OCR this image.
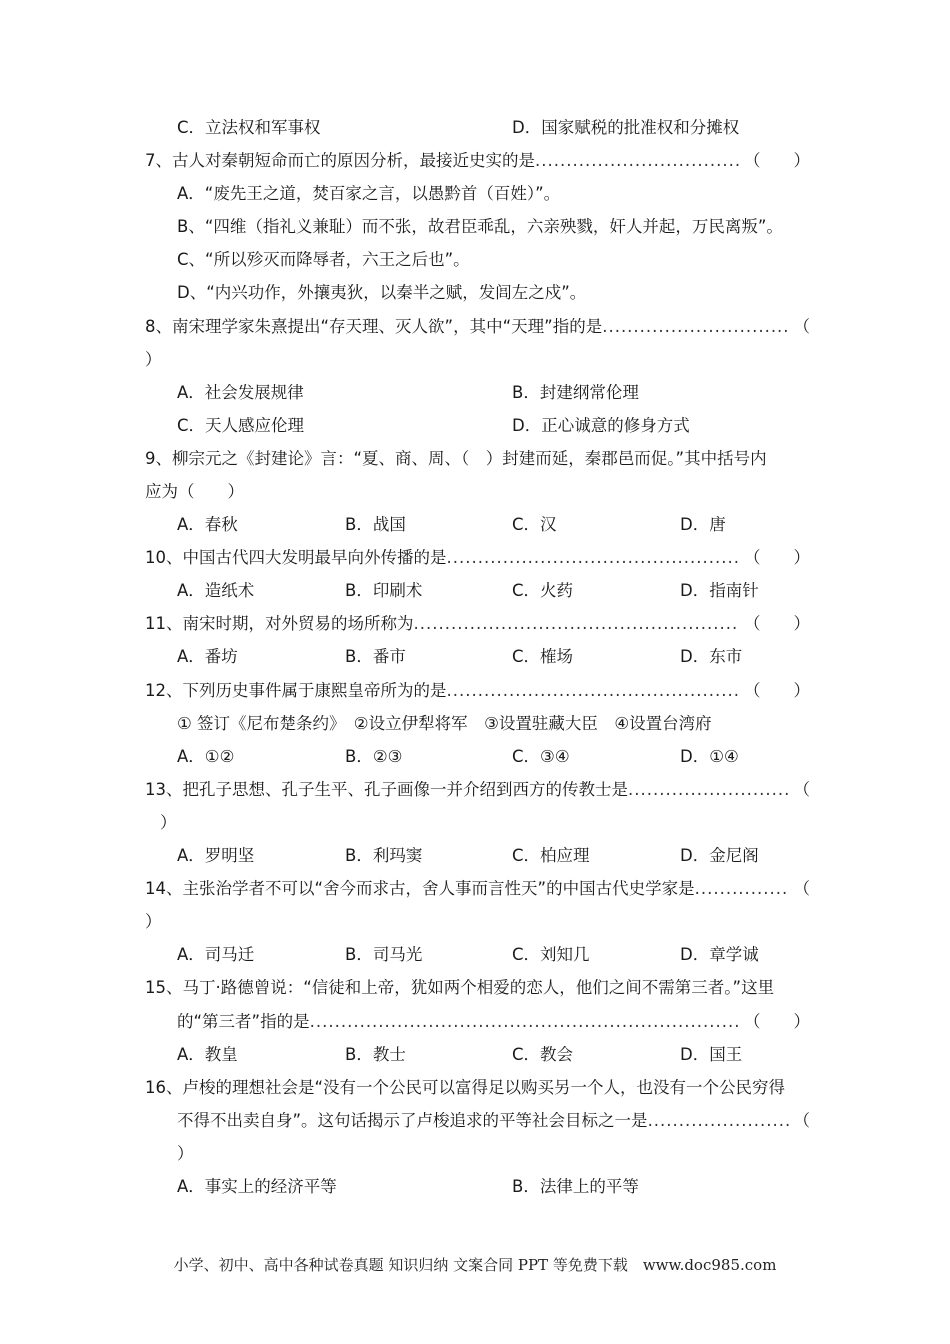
C．立法权和军事权	D．国家赋税的批准权和分摊权
7、古人对秦朝短命而亡的原因分析，最接近史实的是 .....	（　　）
A．“废先王之道，焚百家之言，以愚黔首（百姓）”。
B、“四维（指礼义兼耻）而不张，故君臣乖乱，六亲殃戮，奸人并起，万民离叛”。
C、“所以殄灭而降辱者，六王之后也”。
D、“内兴功作，外攘夷狄，以秦半之赋，发闾左之戍”。
8、南宋理学家朱熹提出“存天理、灭人欲”，其中“天理”指的是 .....	（
）
A．社会发展规律	B．封建纲常伦理
C．天人感应伦理	D．正心诚意的修身方式
9、柳宗元之《封建论》言：“夏、商、周、（　）封建而延，秦郡邑而促。”其中括号内
应为（　　）
A．春秋	B．战国	C．汉	D．唐
10、中国古代四大发明最早向外传播的是 .....	（　　）
A．造纸术	B．印刷术	C．火药	D．指南针
11、南宋时期，对外贸易的场所称为 .....	（　　）
A．番坊	B．番市	C．榷场	D．东市
12、下列历史事件属于康熙皇帝所为的是 .....	（　　）
① 签订《尼布楚条约》　②设立伊犁将军　③设置驻藏大臣　④设置台湾府
A．①②	B．②③	C．③④	D．①④
13、把孔子思想、孔子生平、孔子画像一并介绍到西方的传教士是 .....	（
）
A．罗明坚	B．利玛窦	C．柏应理	D．金尼阁
14、主张治学者不可以“舍今而求古，舍人事而言性天”的中国古代史学家是 .....	（
）
A．司马迁	B．司马光	C．刘知几	D．章学诚
15、马丁·路德曾说：“信徒和上帝，犹如两个相爱的恋人，他们之间不需第三者。”这里
的“第三者”指的是 .....	（　　）
A．教皇	B．教士	C．教会	D．国王
16、卢梭的理想社会是“没有一个公民可以富得足以购买另一个人，也没有一个公民穷得
不得不出卖自身”。这句话揭示了卢梭追求的平等社会目标之一是 .....	（
）
A．事实上的经济平等	B．法律上的平等
小学、初中、高中各种试卷真题 知识归纳 文案合同 PPT 等免费下载　www.doc985.com
